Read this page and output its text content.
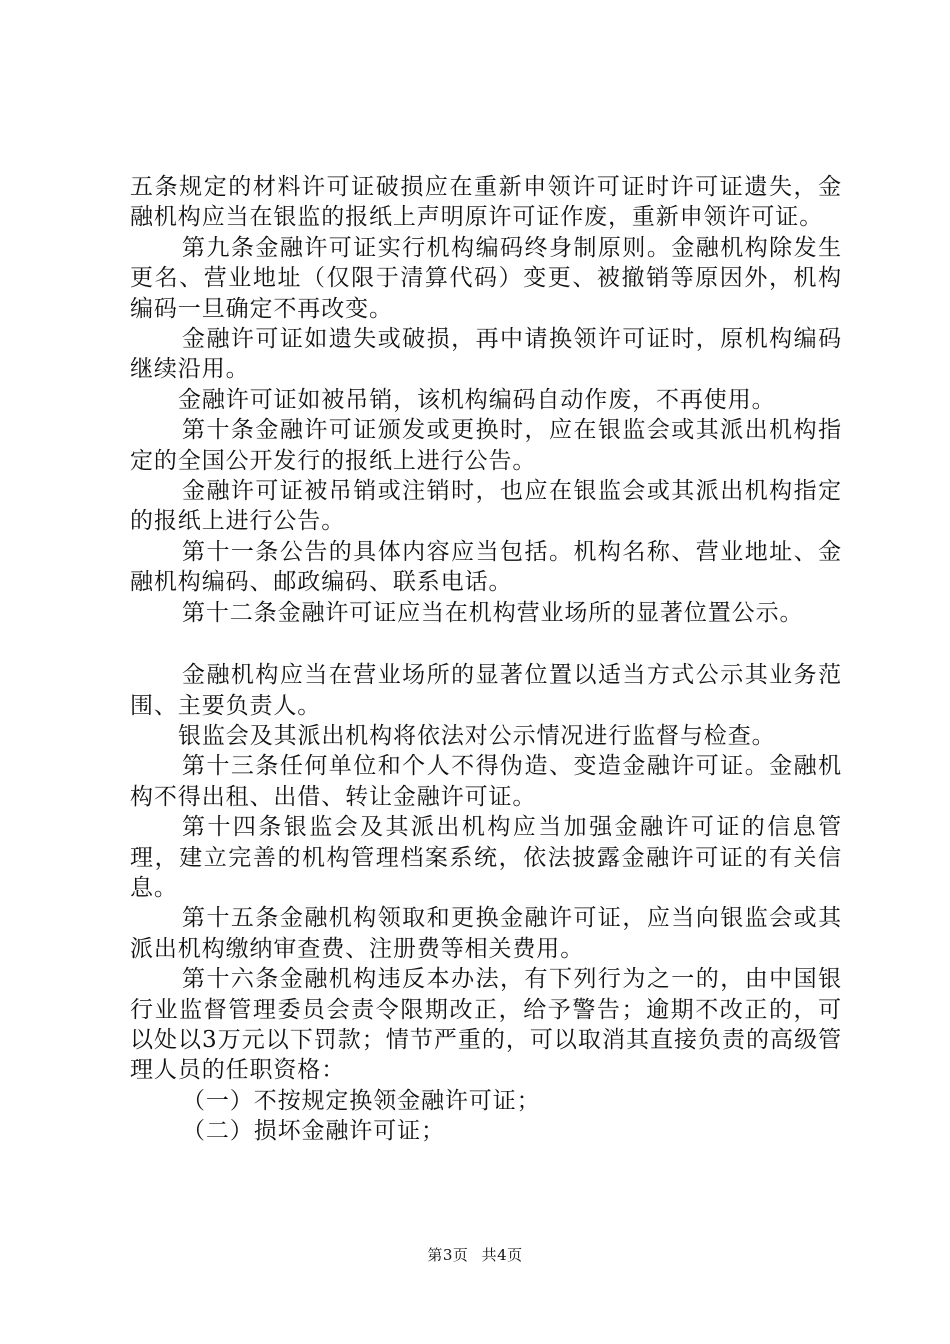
五条规定的材料许可证破损应在重新申领许可证时许可证遗失，金融机构应当在银监的报纸上声明原许可证作废，重新申领许可证。

第九条金融许可证实行机构编码终身制原则。金融机构除发生更名、营业地址（仅限于清算代码）变更、被撤销等原因外，机构编码一旦确定不再改变。

金融许可证如遗失或破损，再中请换领许可证时，原机构编码继续沿用。

金融许可证如被吊销，该机构编码自动作废，不再使用。

第十条金融许可证颁发或更换时，应在银监会或其派出机构指定的全国公开发行的报纸上进行公告。

金融许可证被吊销或注销时，也应在银监会或其派出机构指定的报纸上进行公告。

第十一条公告的具体内容应当包括。机构名称、营业地址、金融机构编码、邮政编码、联系电话。

第十二条金融许可证应当在机构营业场所的显著位置公示。

金融机构应当在营业场所的显著位置以适当方式公示其业务范围、主要负责人。

银监会及其派出机构将依法对公示情况进行监督与检查。

第十三条任何单位和个人不得伪造、变造金融许可证。金融机构不得出租、出借、转让金融许可证。

第十四条银监会及其派出机构应当加强金融许可证的信息管理，建立完善的机构管理档案系统，依法披露金融许可证的有关信息。

第十五条金融机构领取和更换金融许可证，应当向银监会或其派出机构缴纳审查费、注册费等相关费用。

第十六条金融机构违反本办法，有下列行为之一的，由中国银行业监督管理委员会责令限期改正，给予警告；逾期不改正的，可以处以3万元以下罚款；情节严重的，可以取消其直接负责的高级管理人员的任职资格：

（一）不按规定换领金融许可证；

（二）损坏金融许可证；

第3页 共4页
